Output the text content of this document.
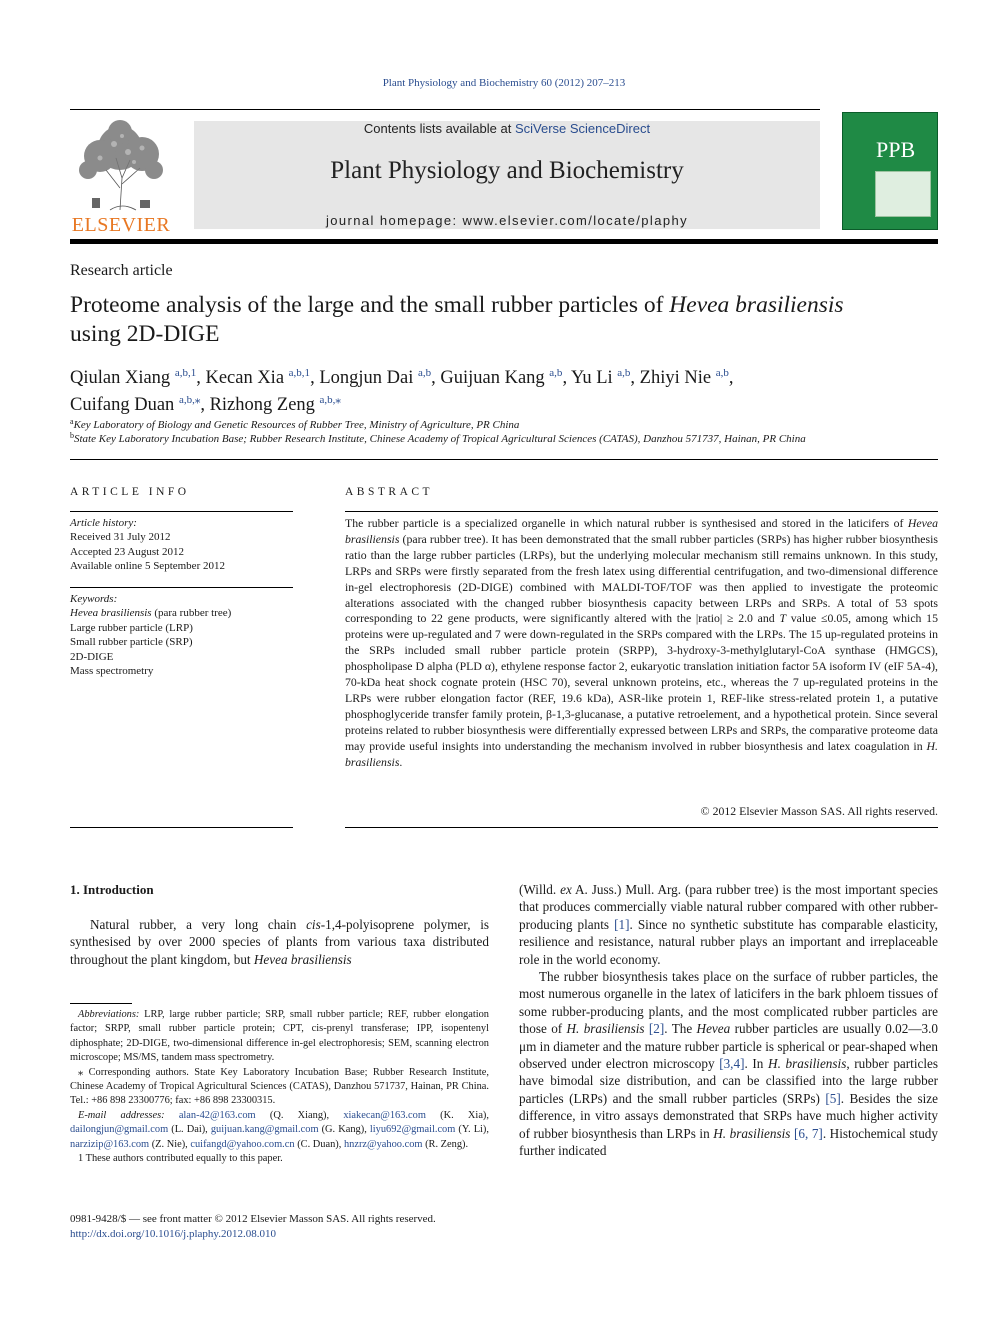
Plant Physiology and Biochemistry 60 (2012) 207–213
ELSEVIER
Contents lists available at SciVerse ScienceDirect
Plant Physiology and Biochemistry
journal homepage: www.elsevier.com/locate/plaphy
PPB
Research article
Proteome analysis of the large and the small rubber particles of Hevea brasiliensis
using 2D-DIGE
Qiulan Xiang $^{a,b,1}$, Kecan Xia $^{a,b,1}$, Longjun Dai $^{a,b}$, Guijuan Kang $^{a,b}$, Yu Li $^{a,b}$, Zhiyi Nie $^{a,b}$,
Cuifang Duan $^{a,b,⁎}$, Rizhong Zeng $^{a,b,⁎}$
$^a$Key Laboratory of Biology and Genetic Resources of Rubber Tree, Ministry of Agriculture, PR China
$^b$State Key Laboratory Incubation Base; Rubber Research Institute, Chinese Academy of Tropical Agricultural Sciences (CATAS), Danzhou 571737, Hainan, PR China
ARTICLE INFO
Article history:
Received 31 July 2012
Accepted 23 August 2012
Available online 5 September 2012
Keywords:
Hevea brasiliensis (para rubber tree)
Large rubber particle (LRP)
Small rubber particle (SRP)
2D-DIGE
Mass spectrometry
ABSTRACT
The rubber particle is a specialized organelle in which natural rubber is synthesised and stored in the laticifers of Hevea brasiliensis (para rubber tree). It has been demonstrated that the small rubber particles (SRPs) has higher rubber biosynthesis ratio than the large rubber particles (LRPs), but the underlying molecular mechanism still remains unknown. In this study, LRPs and SRPs were firstly separated from the fresh latex using differential centrifugation, and two-dimensional difference in-gel electrophoresis (2D-DIGE) combined with MALDI-TOF/TOF was then applied to investigate the proteomic alterations associated with the changed rubber biosynthesis capacity between LRPs and SRPs. A total of 53 spots corresponding to 22 gene products, were significantly altered with the |ratio| ≥ 2.0 and T value ≤0.05, among which 15 proteins were up-regulated and 7 were down-regulated in the SRPs compared with the LRPs. The 15 up-regulated proteins in the SRPs included small rubber particle protein (SRPP), 3-hydroxy-3-methylglutaryl-CoA synthase (HMGCS), phospholipase D alpha (PLD α), ethylene response factor 2, eukaryotic translation initiation factor 5A isoform IV (eIF 5A-4), 70-kDa heat shock cognate protein (HSC 70), several unknown proteins, etc., whereas the 7 up-regulated proteins in the LRPs were rubber elongation factor (REF, 19.6 kDa), ASR-like protein 1, REF-like stress-related protein 1, a putative phosphoglyceride transfer family protein, β-1,3-glucanase, a putative retroelement, and a hypothetical protein. Since several proteins related to rubber biosynthesis were differentially expressed between LRPs and SRPs, the comparative proteome data may provide useful insights into understanding the mechanism involved in rubber biosynthesis and latex coagulation in H. brasiliensis.
© 2012 Elsevier Masson SAS. All rights reserved.
1. Introduction
Natural rubber, a very long chain cis-1,4-polyisoprene polymer, is synthesised by over 2000 species of plants from various taxa distributed throughout the plant kingdom, but Hevea brasiliensis

(Willd. ex A. Juss.) Mull. Arg. (para rubber tree) is the most important species that produces commercially viable natural rubber compared with other rubber-producing plants [1]. Since no synthetic substitute has comparable elasticity, resilience and resistance, natural rubber plays an important and irreplaceable role in the world economy.

The rubber biosynthesis takes place on the surface of rubber particles, the most numerous organelle in the latex of laticifers in the bark phloem tissues of some rubber-producing plants, and the most complicated rubber particles are those of H. brasiliensis [2]. The Hevea rubber particles are usually 0.02—3.0 μm in diameter and the mature rubber particle is spherical or pear-shaped when observed under electron microscopy [3,4]. In H. brasiliensis, rubber particles have bimodal size distribution, and can be classified into the large rubber particles (LRPs) and the small rubber particles (SRPs) [5]. Besides the size difference, in vitro assays demonstrated that SRPs have much higher activity of rubber biosynthesis than LRPs in H. brasiliensis [6, 7]. Histochemical study further indicated

Abbreviations: LRP, large rubber particle; SRP, small rubber particle; REF, rubber elongation factor; SRPP, small rubber particle protein; CPT, cis-prenyl transferase; IPP, isopentenyl diphosphate; 2D-DIGE, two-dimensional difference in-gel electrophoresis; SEM, scanning electron microscope; MS/MS, tandem mass spectrometry.
⁎ Corresponding authors. State Key Laboratory Incubation Base; Rubber Research Institute, Chinese Academy of Tropical Agricultural Sciences (CATAS), Danzhou 571737, Hainan, PR China. Tel.: +86 898 23300776; fax: +86 898 23300315.
E-mail addresses: alan-42@163.com (Q. Xiang), xiakecan@163.com (K. Xia), dailongjun@gmail.com (L. Dai), guijuan.kang@gmail.com (G. Kang), liyu692@gmail.com (Y. Li), narzizip@163.com (Z. Nie), cuifangd@yahoo.com.cn (C. Duan), hnzrz@yahoo.com (R. Zeng).
1 These authors contributed equally to this paper.
0981-9428/$ — see front matter © 2012 Elsevier Masson SAS. All rights reserved.
http://dx.doi.org/10.1016/j.plaphy.2012.08.010
